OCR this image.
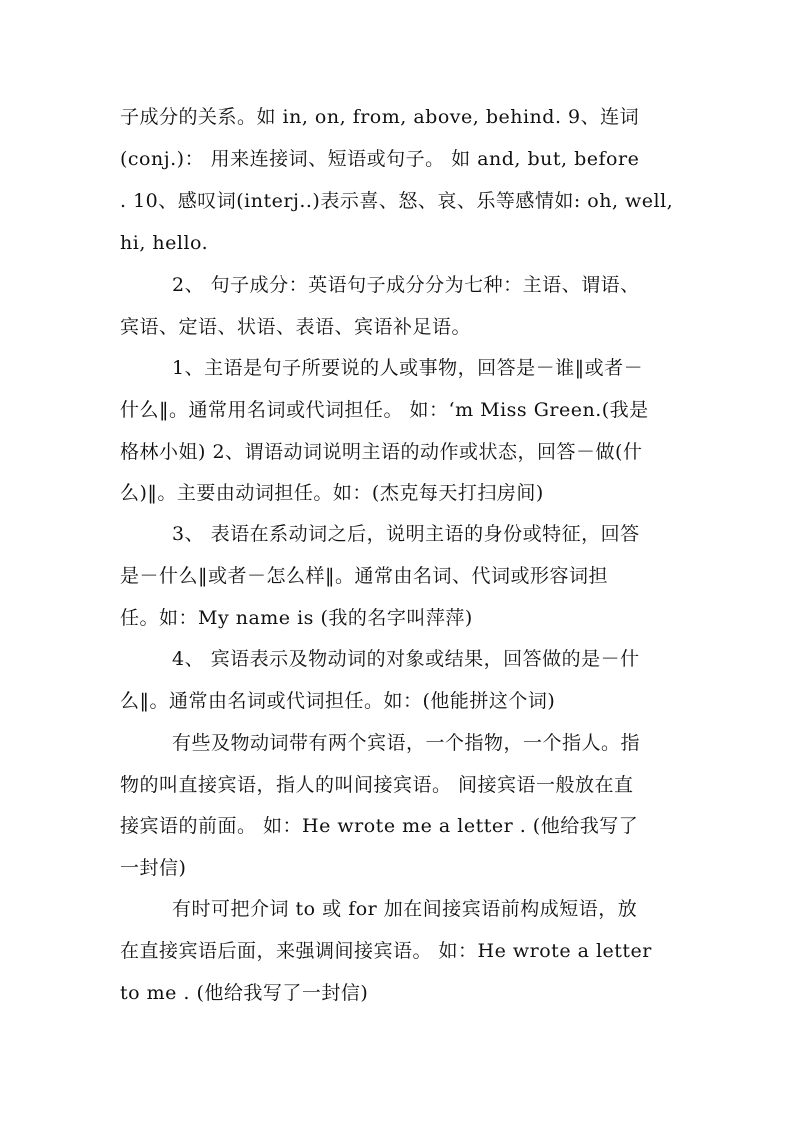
子成分的关系。如 in, on, from, above, behind. 9、连词
(conj.)： 用来连接词、短语或句子。 如 and, but, before
. 10、感叹词(interj..)表示喜、怒、哀、乐等感情如: oh, well,
hi, hello.
2、 句子成分：英语句子成分分为七种：主语、谓语、
宾语、定语、状语、表语、宾语补足语。
1、主语是句子所要说的人或事物，回答是－谁‖或者－
什么‖。通常用名词或代词担任。 如：‘m Miss Green.(我是
格林小姐) 2、谓语动词说明主语的动作或状态，回答－做(什
么)‖。主要由动词担任。如：(杰克每天打扫房间)
3、 表语在系动词之后，说明主语的身份或特征，回答
是－什么‖或者－怎么样‖。通常由名词、代词或形容词担
任。如：My name is (我的名字叫萍萍)
4、 宾语表示及物动词的对象或结果，回答做的是－什
么‖。通常由名词或代词担任。如：(他能拼这个词)
有些及物动词带有两个宾语，一个指物，一个指人。指
物的叫直接宾语，指人的叫间接宾语。 间接宾语一般放在直
接宾语的前面。 如：He wrote me a letter . (他给我写了
一封信)
有时可把介词 to 或 for 加在间接宾语前构成短语，放
在直接宾语后面，来强调间接宾语。 如：He wrote a letter
to me . (他给我写了一封信)
